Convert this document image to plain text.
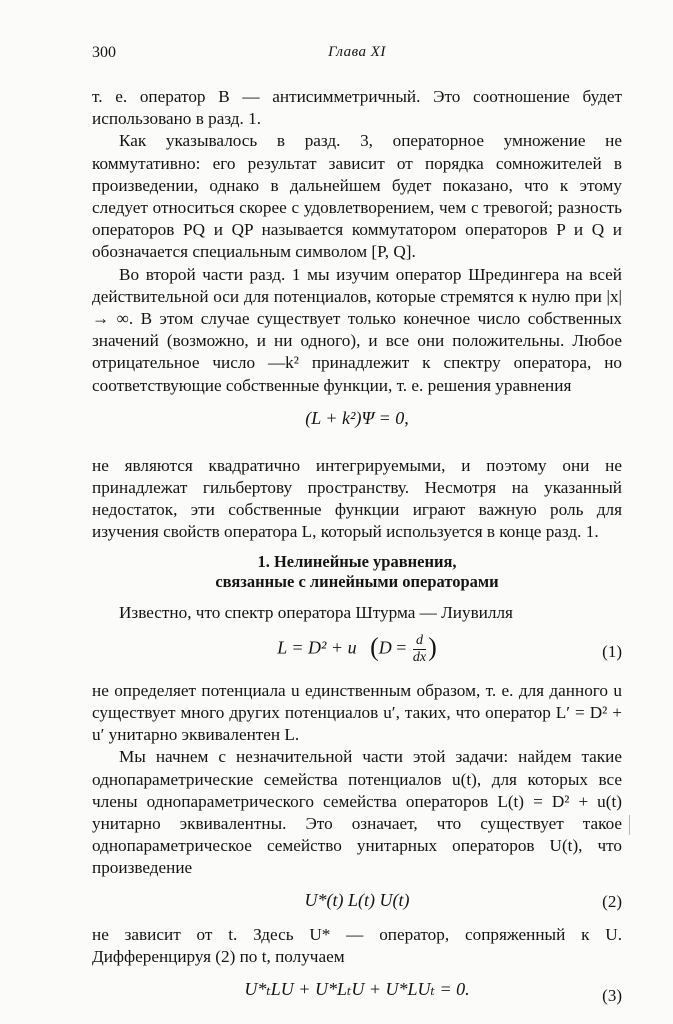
300	Глава XI

т. е. оператор B — антисимметричный. Это соотношение будет использовано в разд. 1.

Как указывалось в разд. 3, операторное умножение не коммутативно: его результат зависит от порядка сомножителей в произведении, однако в дальнейшем будет показано, что к этому следует относиться скорее с удовлетворением, чем с тревогой; разность операторов PQ и QP называется коммутатором операторов P и Q и обозначается специальным символом [P, Q].

Во второй части разд. 1 мы изучим оператор Шредингера на всей действительной оси для потенциалов, которые стремятся к нулю при |x| → ∞. В этом случае существует только конечное число собственных значений (возможно, и ни одного), и все они положительны. Любое отрицательное число —k² принадлежит к спектру оператора, но соответствующие собственные функции, т. е. решения уравнения

(L + k²)Ψ = 0,

не являются квадратично интегрируемыми, и поэтому они не принадлежат гильбертову пространству. Несмотря на указанный недостаток, эти собственные функции играют важную роль для изучения свойств оператора L, который используется в конце разд. 1.

1. Нелинейные уравнения,
связанные с линейными операторами

Известно, что спектр оператора Штурма — Лиувилля

L = D² + u ($D = \frac{d}{dx}$ )	(1)

не определяет потенциала u единственным образом, т. е. для данного u существует много других потенциалов u′, таких, что оператор L′ = D² + u′ унитарно эквивалентен L.

Мы начнем с незначительной части этой задачи: найдем такие однопараметрические семейства потенциалов u(t), для которых все члены однопараметрического семейства операторов L(t) = D² + u(t) унитарно эквивалентны. Это означает, что существует такое однопараметрическое семейство унитарных операторов U(t), что произведение

U*(t) L(t) U(t)	(2)

не зависит от t. Здесь U* — оператор, сопряженный к U. Дифференцируя (2) по t, получаем

U*ₜLU + U*LₜU + U*LUₜ = 0.	(3)
